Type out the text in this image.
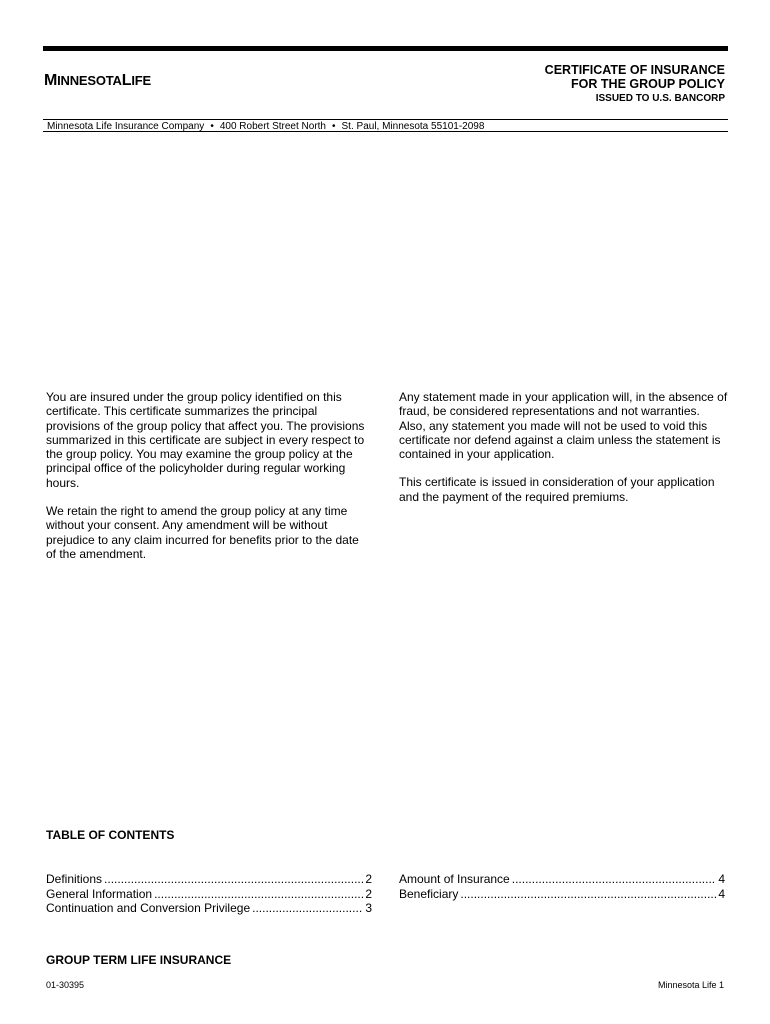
MINNESOTALIFE
CERTIFICATE OF INSURANCE
FOR THE GROUP POLICY
ISSUED TO U.S. BANCORP
Minnesota Life Insurance Company • 400 Robert Street North • St. Paul, Minnesota 55101-2098

You are insured under the group policy identified on this certificate. This certificate summarizes the principal provisions of the group policy that affect you. The provisions summarized in this certificate are subject in every respect to the group policy. You may examine the group policy at the principal office of the policyholder during regular working hours.

We retain the right to amend the group policy at any time without your consent. Any amendment will be without prejudice to any claim incurred for benefits prior to the date of the amendment.

Any statement made in your application will, in the absence of fraud, be considered representations and not warranties. Also, any statement you made will not be used to void this certificate nor defend against a claim unless the statement is contained in your application.

This certificate is issued in consideration of your application and the payment of the required premiums.

TABLE OF CONTENTS
Definitions .....	2
General Information .....	2
Continuation and Conversion Privilege .....	3
Amount of Insurance .....	4
Beneficiary .....	4
GROUP TERM LIFE INSURANCE
01-30395	Minnesota Life 1
